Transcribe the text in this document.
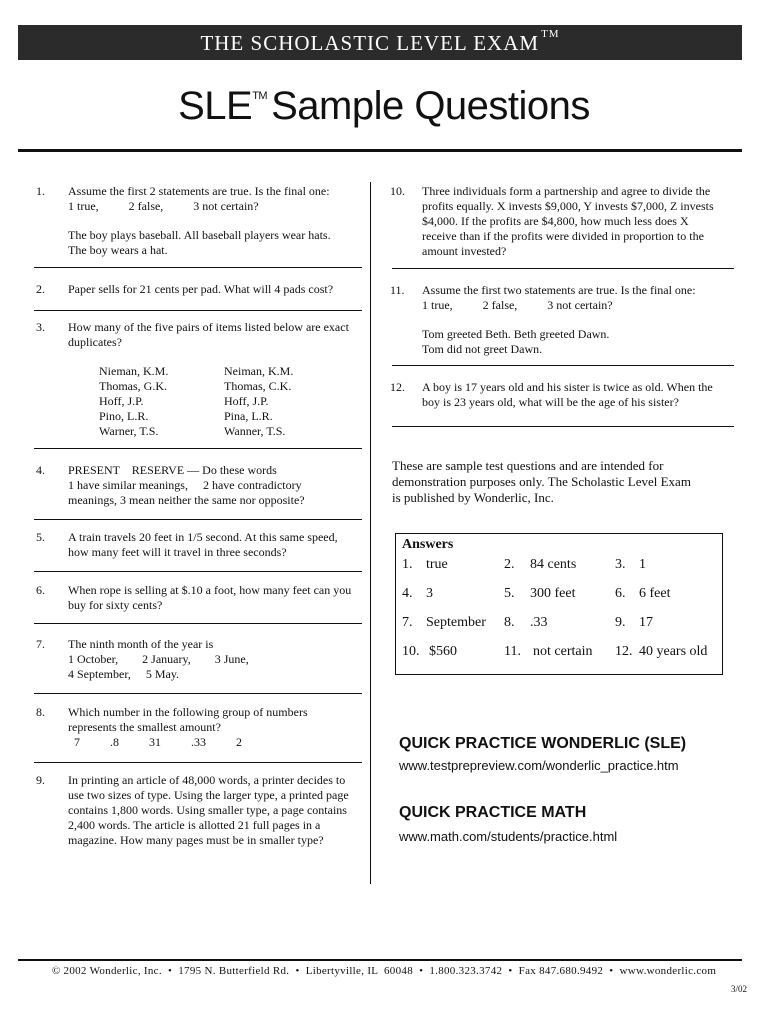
THE SCHOLASTIC LEVEL EXAM ™
SLE™ Sample Questions
1. Assume the first 2 statements are true. Is the final one:

1 true,          2 false,          3 not certain?

The boy plays baseball. All baseball players wear hats.

The boy wears a hat.

2. Paper sells for 21 cents per pad. What will 4 pads cost?

3. How many of the five pairs of items listed below are exact

duplicates?

Nieman, K.M.	Neiman, K.M.
Thomas, G.K.	Thomas, C.K.
Hoff, J.P.	Hoff, J.P.
Pino, L.R.	Pina, L.R.
Warner, T.S.	Wanner, T.S.
4. PRESENT    RESERVE — Do these words

1 have similar meanings,     2 have contradictory

meanings, 3 mean neither the same nor opposite?

5. A train travels 20 feet in 1/5 second. At this same speed,

how many feet will it travel in three seconds?

6. When rope is selling at $.10 a foot, how many feet can you

buy for sixty cents?

7. The ninth month of the year is

1 October,        2 January,        3 June,

4 September,     5 May.

8. Which number in the following group of numbers

represents the smallest amount?

7          .8          31          .33          2

9. In printing an article of 48,000 words, a printer decides to

use two sizes of type. Using the larger type, a printed page

contains 1,800 words. Using smaller type, a page contains

2,400 words. The article is allotted 21 full pages in a

magazine. How many pages must be in smaller type?

10. Three individuals form a partnership and agree to divide the

profits equally. X invests $9,000, Y invests $7,000, Z invests

$4,000. If the profits are $4,800, how much less does X

receive than if the profits were divided in proportion to the

amount invested?

11. Assume the first two statements are true. Is the final one:

1 true,          2 false,          3 not certain?

Tom greeted Beth. Beth greeted Dawn.

Tom did not greet Dawn.

12. A boy is 17 years old and his sister is twice as old. When the

boy is 23 years old, what will be the age of his sister?

These are sample test questions and are intended for

demonstration purposes only. The Scholastic Level Exam

is published by Wonderlic, Inc.

Answers
1. true	2. 84 cents	3. 1
4. 3	5. 300 feet	6. 6 feet
7. September 8. .33	9. 17
10. $560	11. not certain 12. 40 years old
QUICK PRACTICE WONDERLIC (SLE)
www.testprepreview.com/wonderlic_practice.htm
QUICK PRACTICE MATH
www.math.com/students/practice.html
© 2002 Wonderlic, Inc.  •  1795 N. Butterfield Rd.  •  Libertyville, IL  60048  •  1.800.323.3742  •  Fax 847.680.9492  •  www.wonderlic.com
3/02
